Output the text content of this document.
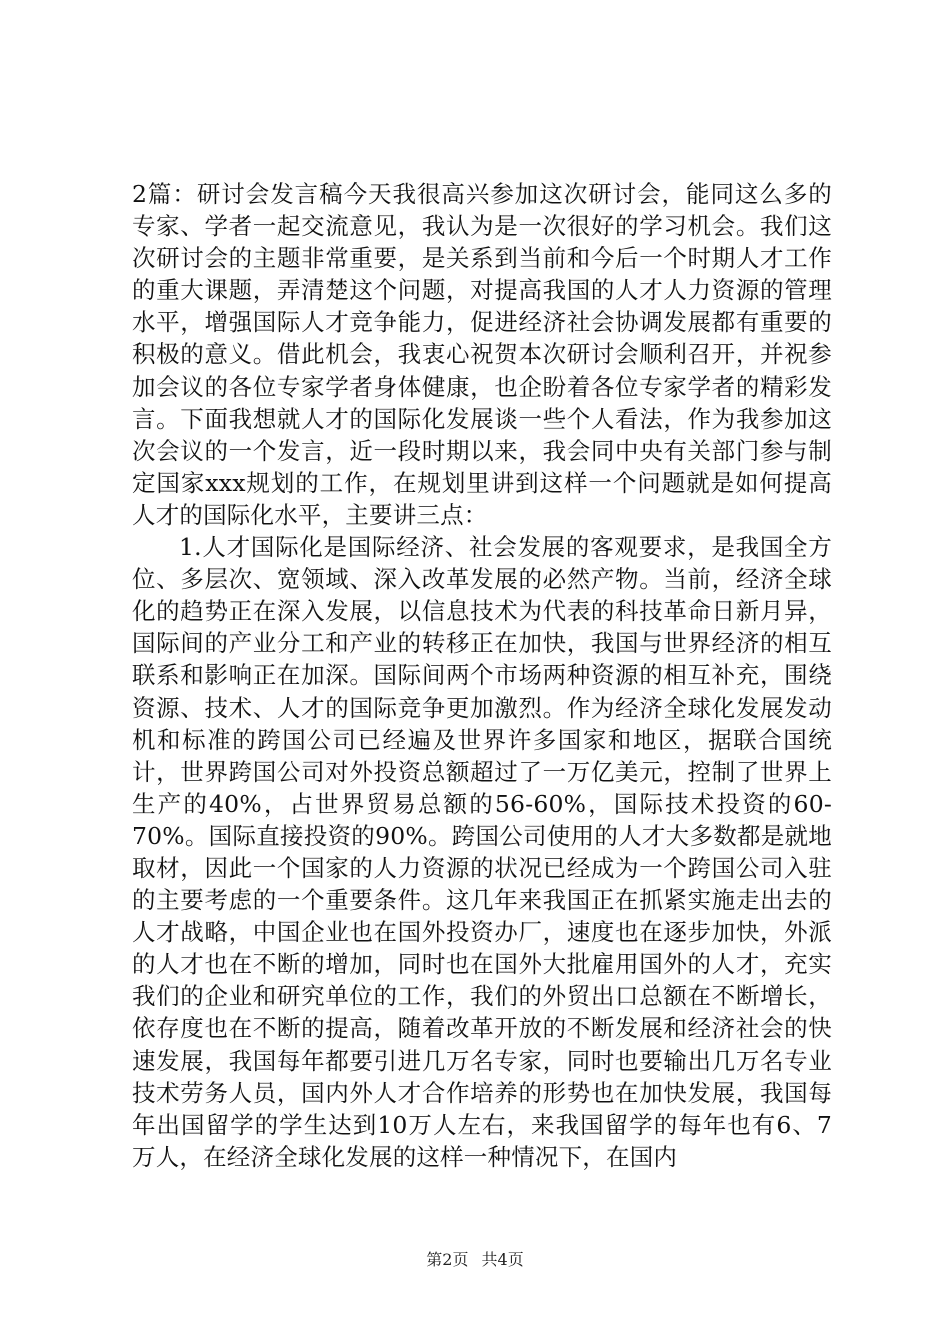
2篇：研讨会发言稿今天我很高兴参加这次研讨会，能同这么多的专家、学者一起交流意见，我认为是一次很好的学习机会。我们这次研讨会的主题非常重要，是关系到当前和今后一个时期人才工作的重大课题，弄清楚这个问题，对提高我国的人才人力资源的管理水平，增强国际人才竞争能力，促进经济社会协调发展都有重要的积极的意义。借此机会，我衷心祝贺本次研讨会顺利召开，并祝参加会议的各位专家学者身体健康，也企盼着各位专家学者的精彩发言。下面我想就人才的国际化发展谈一些个人看法，作为我参加这次会议的一个发言，近一段时期以来，我会同中央有关部门参与制定国家xxx规划的工作，在规划里讲到这样一个问题就是如何提高人才的国际化水平，主要讲三点：

1.人才国际化是国际经济、社会发展的客观要求，是我国全方位、多层次、宽领域、深入改革发展的必然产物。当前，经济全球化的趋势正在深入发展，以信息技术为代表的科技革命日新月异，国际间的产业分工和产业的转移正在加快，我国与世界经济的相互联系和影响正在加深。国际间两个市场两种资源的相互补充，围绕资源、技术、人才的国际竞争更加激烈。作为经济全球化发展发动机和标准的跨国公司已经遍及世界许多国家和地区，据联合国统计，世界跨国公司对外投资总额超过了一万亿美元，控制了世界上生产的40%，占世界贸易总额的56-60%，国际技术投资的60-70%。国际直接投资的90%。跨国公司使用的人才大多数都是就地取材，因此一个国家的人力资源的状况已经成为一个跨国公司入驻的主要考虑的一个重要条件。这几年来我国正在抓紧实施走出去的人才战略，中国企业也在国外投资办厂，速度也在逐步加快，外派的人才也在不断的增加，同时也在国外大批雇用国外的人才，充实我们的企业和研究单位的工作，我们的外贸出口总额在不断增长，依存度也在不断的提高，随着改革开放的不断发展和经济社会的快速发展，我国每年都要引进几万名专家，同时也要输出几万名专业技术劳务人员，国内外人才合作培养的形势也在加快发展，我国每年出国留学的学生达到10万人左右，来我国留学的每年也有6、7万人，在经济全球化发展的这样一种情况下，在国内

第2页 共4页
